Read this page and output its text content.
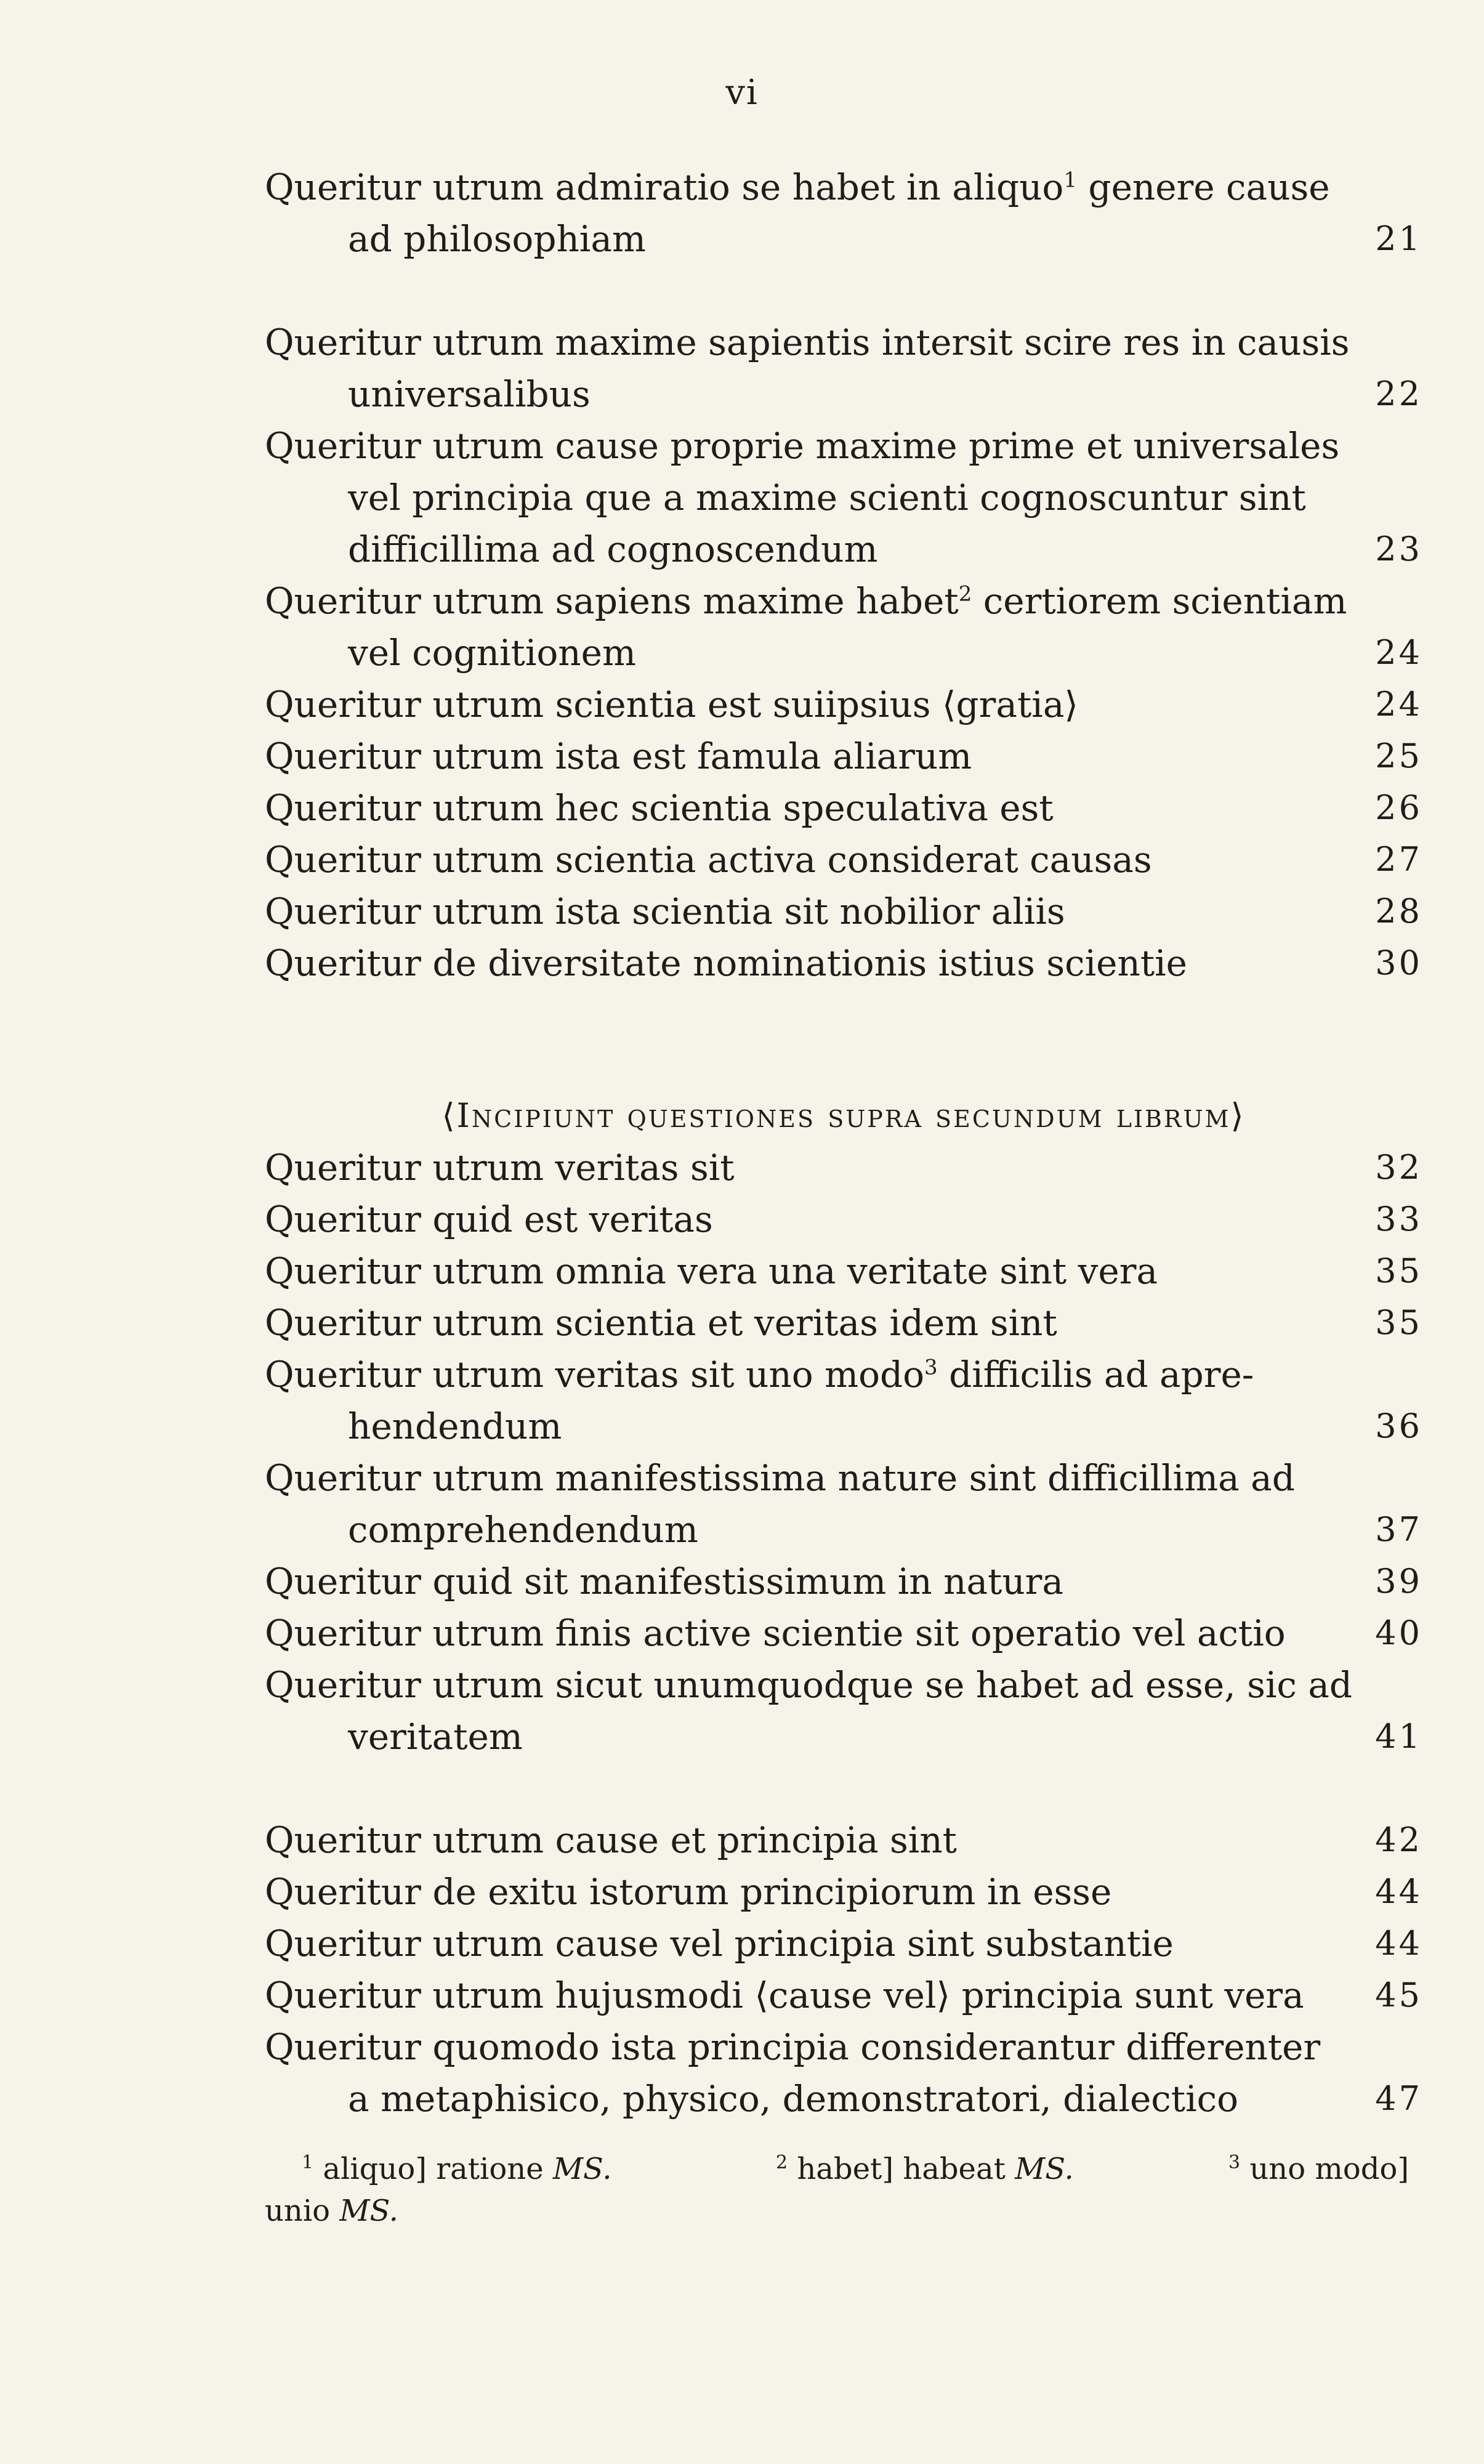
vi
Queritur utrum admiratio se habet in aliquo$^1$ genere cause
ad philosophiam	21
Queritur utrum maxime sapientis intersit scire res in causis
universalibus	22
Queritur utrum cause proprie maxime prime et universales
vel principia que a maxime scienti cognoscuntur sint
difficillima ad cognoscendum	23
Queritur utrum sapiens maxime habet$^2$ certiorem scientiam
vel cognitionem	24
Queritur utrum scientia est suiipsius ⟨gratia⟩	24
Queritur utrum ista est famula aliarum	25
Queritur utrum hec scientia speculativa est	26
Queritur utrum scientia activa considerat causas	27
Queritur utrum ista scientia sit nobilior aliis	28
Queritur de diversitate nominationis istius scientie	30
⟨Incipiunt questiones supra secundum librum⟩
Queritur utrum veritas sit	32
Queritur quid est veritas	33
Queritur utrum omnia vera una veritate sint vera	35
Queritur utrum scientia et veritas idem sint	35
Queritur utrum veritas sit uno modo$^3$ difficilis ad apre-
hendendum	36
Queritur utrum manifestissima nature sint difficillima ad
comprehendendum	37
Queritur quid sit manifestissimum in natura	39
Queritur utrum finis active scientie sit operatio vel actio	40
Queritur utrum sicut unumquodque se habet ad esse, sic ad
veritatem	41
Queritur utrum cause et principia sint	42
Queritur de exitu istorum principiorum in esse	44
Queritur utrum cause vel principia sint substantie	44
Queritur utrum hujusmodi ⟨cause vel⟩ principia sunt vera 45
Queritur quomodo ista principia considerantur differenter
a metaphisico, physico, demonstratori, dialectico	47
$^1$ aliquo] ratione MS.	$^2$ habet] habeat MS.	$^3$ uno modo]
unio MS.
